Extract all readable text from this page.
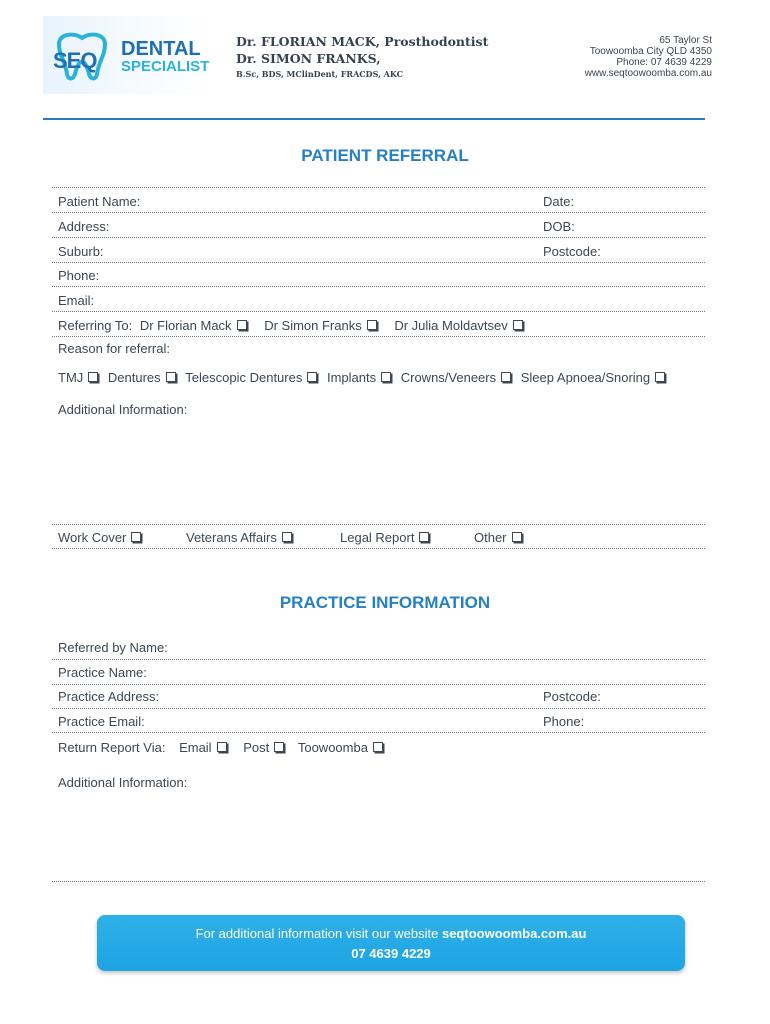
SEQ DENTAL
SPECIALIST
Dr. FLORIAN MACK, Prosthodontist
Dr. SIMON FRANKS,
B.Sc, BDS, MClinDent, FRACDS, AKC
65 Taylor St
Toowoomba City QLD 4350
Phone: 07 4639 4229
www.seqtoowoomba.com.au
PATIENT REFERRAL
Patient Name:	Date:
Address:	DOB:
Suburb:	Postcode:
Phone:
Email:
Referring To: Dr Florian Mack	Dr Simon Franks	Dr Julia Moldavtsev
Reason for referral:
TMJ Dentures Telescopic Dentures Implants Crowns/Veneers Sleep Apnoea/Snoring
Additional Information:
Work Cover	Veterans Affairs	Legal Report	Other
PRACTICE INFORMATION
Referred by Name:
Practice Name:
Practice Address:	Postcode:
Practice Email:	Phone:
Return Report Via: Email Post Toowoomba
Additional Information:
For additional information visit our website seqtoowoomba.com.au
07 4639 4229
